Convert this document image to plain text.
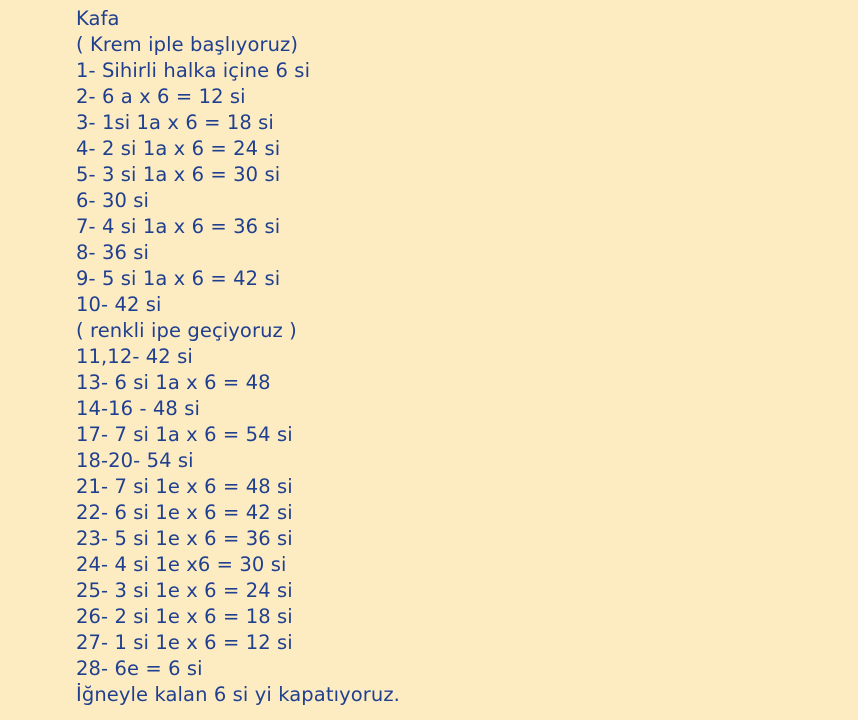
Kafa
( Krem iple başlıyoruz)
1- Sihirli halka içine 6 si
2- 6 a x 6 = 12 si
3- 1si 1a x 6 = 18 si
4- 2 si 1a x 6 = 24 si
5- 3 si 1a x 6 = 30 si
6- 30 si
7- 4 si 1a x 6 = 36 si
8- 36 si
9- 5 si 1a x 6 = 42 si
10- 42 si
( renkli ipe geçiyoruz )
11,12- 42 si
13- 6 si 1a x 6 = 48
14-16 - 48 si
17- 7 si 1a x 6 = 54 si
18-20- 54 si
21- 7 si 1e x 6 = 48 si
22- 6 si 1e x 6 = 42 si
23- 5 si 1e x 6 = 36 si
24- 4 si 1e x6 = 30 si
25- 3 si 1e x 6 = 24 si
26- 2 si 1e x 6 = 18 si
27- 1 si 1e x 6 = 12 si
28- 6e = 6 si
İğneyle kalan 6 si yi kapatıyoruz.
